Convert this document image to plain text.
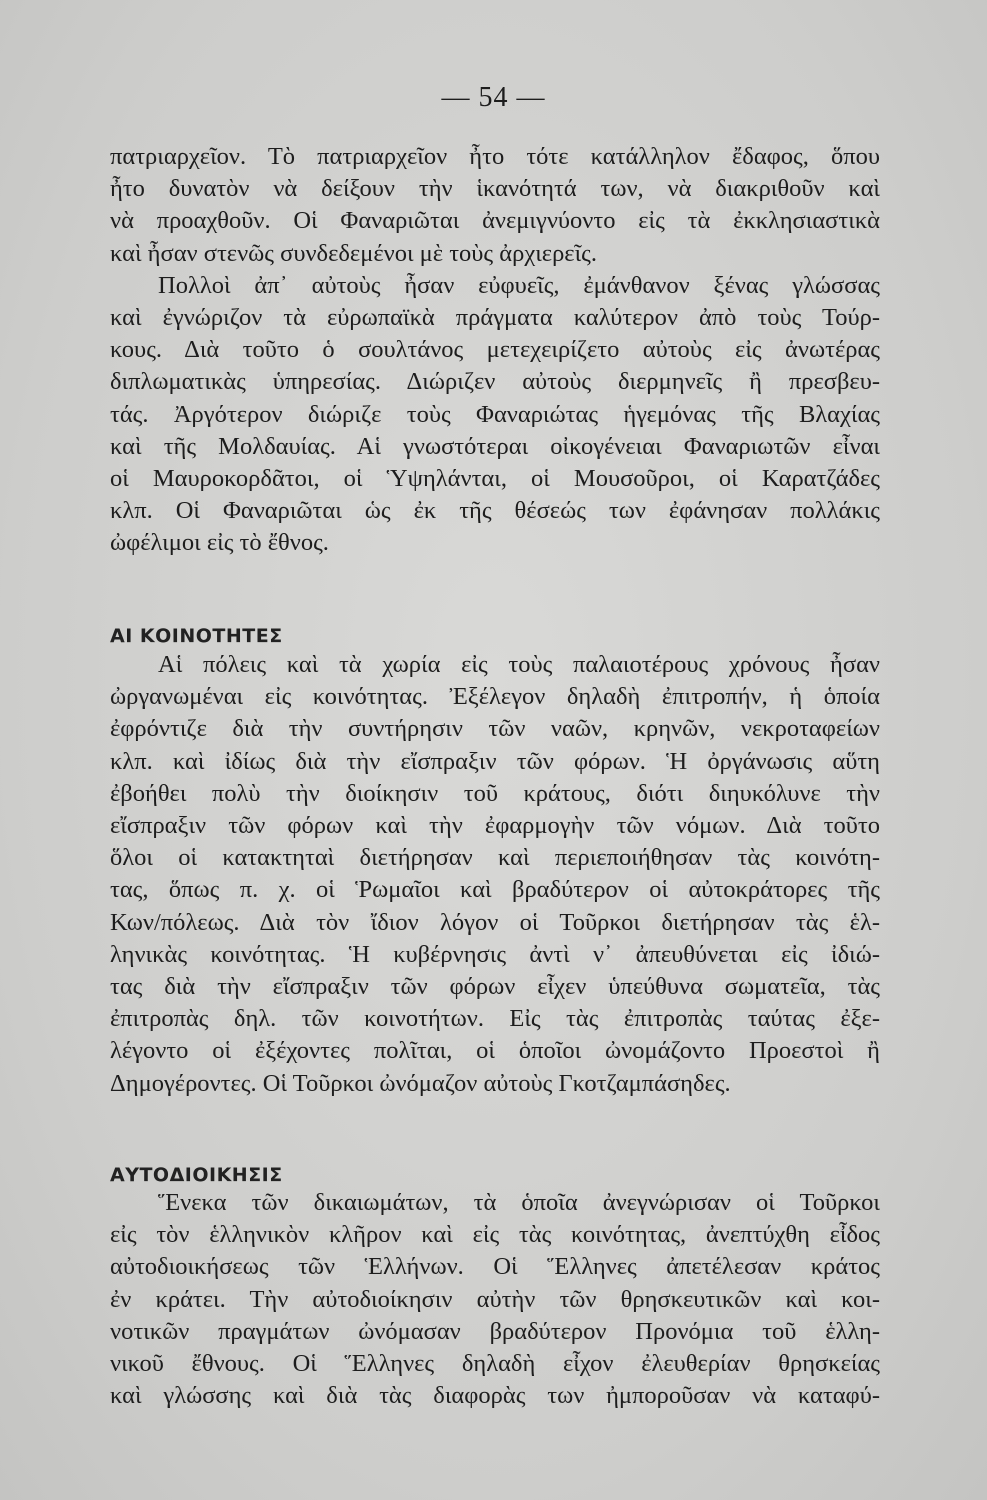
— 54 —
πατριαρχεῖον. Τὸ πατριαρχεῖον ἦτο τότε κατάλληλον ἔδαφος, ὅπου
ἦτο δυνατὸν νὰ δείξουν τὴν ἱκανότητά των, νὰ διακριθοῦν καὶ
νὰ προαχθοῦν. Οἱ Φαναριῶται ἀνεμιγνύοντο εἰς τὰ ἐκκλησιαστικὰ
καὶ ἦσαν στενῶς συνδεδεμένοι μὲ τοὺς ἀρχιερεῖς.
Πολλοὶ ἀπ᾽ αὐτοὺς ἦσαν εὐφυεῖς, ἐμάνθανον ξένας γλώσσας
καὶ ἐγνώριζον τὰ εὐρωπαϊκὰ πράγματα καλύτερον ἀπὸ τοὺς Τούρ-
κους. Διὰ τοῦτο ὁ σουλτάνος μετεχειρίζετο αὐτοὺς εἰς ἀνωτέρας
διπλωματικὰς ὑπηρεσίας. Διώριζεν αὐτοὺς διερμηνεῖς ἢ πρεσβευ-
τάς. Ἀργότερον διώριζε τοὺς Φαναριώτας ἡγεμόνας τῆς Βλαχίας
καὶ τῆς Μολδαυίας. Αἱ γνωστότεραι οἰκογένειαι Φαναριωτῶν εἶναι
οἱ Μαυροκορδᾶτοι, οἱ Ὑψηλάνται, οἱ Μουσοῦροι, οἱ Καρατζάδες
κλπ. Οἱ Φαναριῶται ὡς ἐκ τῆς θέσεώς των ἐφάνησαν πολλάκις
ὠφέλιμοι εἰς τὸ ἔθνος.
ΑΙ ΚΟΙΝΟΤΗΤΕΣ
Αἱ πόλεις καὶ τὰ χωρία εἰς τοὺς παλαιοτέρους χρόνους ἦσαν
ὠργανωμέναι εἰς κοινότητας. Ἐξέλεγον δηλαδὴ ἐπιτροπήν, ἡ ὁποία
ἐφρόντιζε διὰ τὴν συντήρησιν τῶν ναῶν, κρηνῶν, νεκροταφείων
κλπ. καὶ ἰδίως διὰ τὴν εἴσπραξιν τῶν φόρων. Ἡ ὀργάνωσις αὕτη
ἐβοήθει πολὺ τὴν διοίκησιν τοῦ κράτους, διότι διηυκόλυνε τὴν
εἴσπραξιν τῶν φόρων καὶ τὴν ἐφαρμογὴν τῶν νόμων. Διὰ τοῦτο
ὅλοι οἱ κατακτηταὶ διετήρησαν καὶ περιεποιήθησαν τὰς κοινότη-
τας, ὅπως π. χ. οἱ Ῥωμαῖοι καὶ βραδύτερον οἱ αὐτοκράτορες τῆς
Κων/πόλεως. Διὰ τὸν ἴδιον λόγον οἱ Τοῦρκοι διετήρησαν τὰς ἑλ-
ληνικὰς κοινότητας. Ἡ κυβέρνησις ἀντὶ ν᾽ ἀπευθύνεται εἰς ἰδιώ-
τας διὰ τὴν εἴσπραξιν τῶν φόρων εἶχεν ὑπεύθυνα σωματεῖα, τὰς
ἐπιτροπὰς δηλ. τῶν κοινοτήτων. Εἰς τὰς ἐπιτροπὰς ταύτας ἐξε-
λέγοντο οἱ ἐξέχοντες πολῖται, οἱ ὁποῖοι ὠνομάζοντο Προεστοὶ ἢ
Δημογέροντες. Οἱ Τοῦρκοι ὠνόμαζον αὐτοὺς Γκοτζαμπάσηδες.
ΑΥΤΟΔΙΟΙΚΗΣΙΣ
Ἕνεκα τῶν δικαιωμάτων, τὰ ὁποῖα ἀνεγνώρισαν οἱ Τοῦρκοι
εἰς τὸν ἑλληνικὸν κλῆρον καὶ εἰς τὰς κοινότητας, ἀνεπτύχθη εἶδος
αὐτοδιοικήσεως τῶν Ἑλλήνων. Οἱ Ἕλληνες ἀπετέλεσαν κράτος
ἐν κράτει. Τὴν αὐτοδιοίκησιν αὐτὴν τῶν θρησκευτικῶν καὶ κοι-
νοτικῶν πραγμάτων ὠνόμασαν βραδύτερον Προνόμια τοῦ ἑλλη-
νικοῦ ἔθνους. Οἱ Ἕλληνες δηλαδὴ εἶχον ἐλευθερίαν θρησκείας
καὶ γλώσσης καὶ διὰ τὰς διαφορὰς των ἠμποροῦσαν νὰ καταφύ-
